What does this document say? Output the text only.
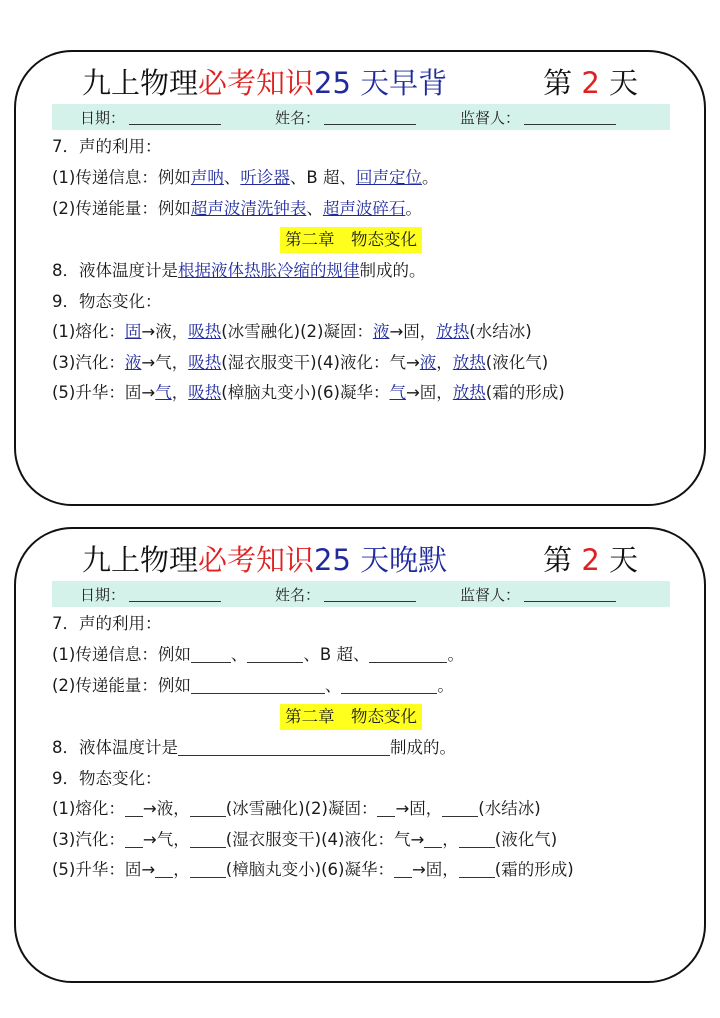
九上物理 必考知识 25 天早背	第 2 天
日期：	姓名：	监督人：
7．声的利用：
(1)传递信息：例如声呐、听诊器、B 超、回声定位。
(2)传递能量：例如超声波清洗钟表、超声波碎石。
第二章　物态变化
8．液体温度计是根据液体热胀冷缩的规律制成的。
9．物态变化：
(1)熔化：固→液，吸热(冰雪融化)(2)凝固：液→固，放热(水结冰)
(3)汽化：液→气，吸热(湿衣服变干)(4)液化：气→液，放热(液化气)
(5)升华：固→气，吸热(樟脑丸变小)(6)凝华：气→固，放热(霜的形成)
九上物理 必考知识 25 天晚默	第 2 天
日期：	姓名：	监督人：
7．声的利用：
(1)传递信息：例如 、	、B 超、	。
(2)传递能量：例如	、	。
第二章　物态变化
8．液体温度计是	制成的。
9．物态变化：
(1)熔化： →液， (冰雪融化)(2)凝固： →固， (水结冰)
(3)汽化： →气， (湿衣服变干)(4)液化：气→ ， (液化气)
(5)升华：固→ ， (樟脑丸变小)(6)凝华： →固， (霜的形成)
